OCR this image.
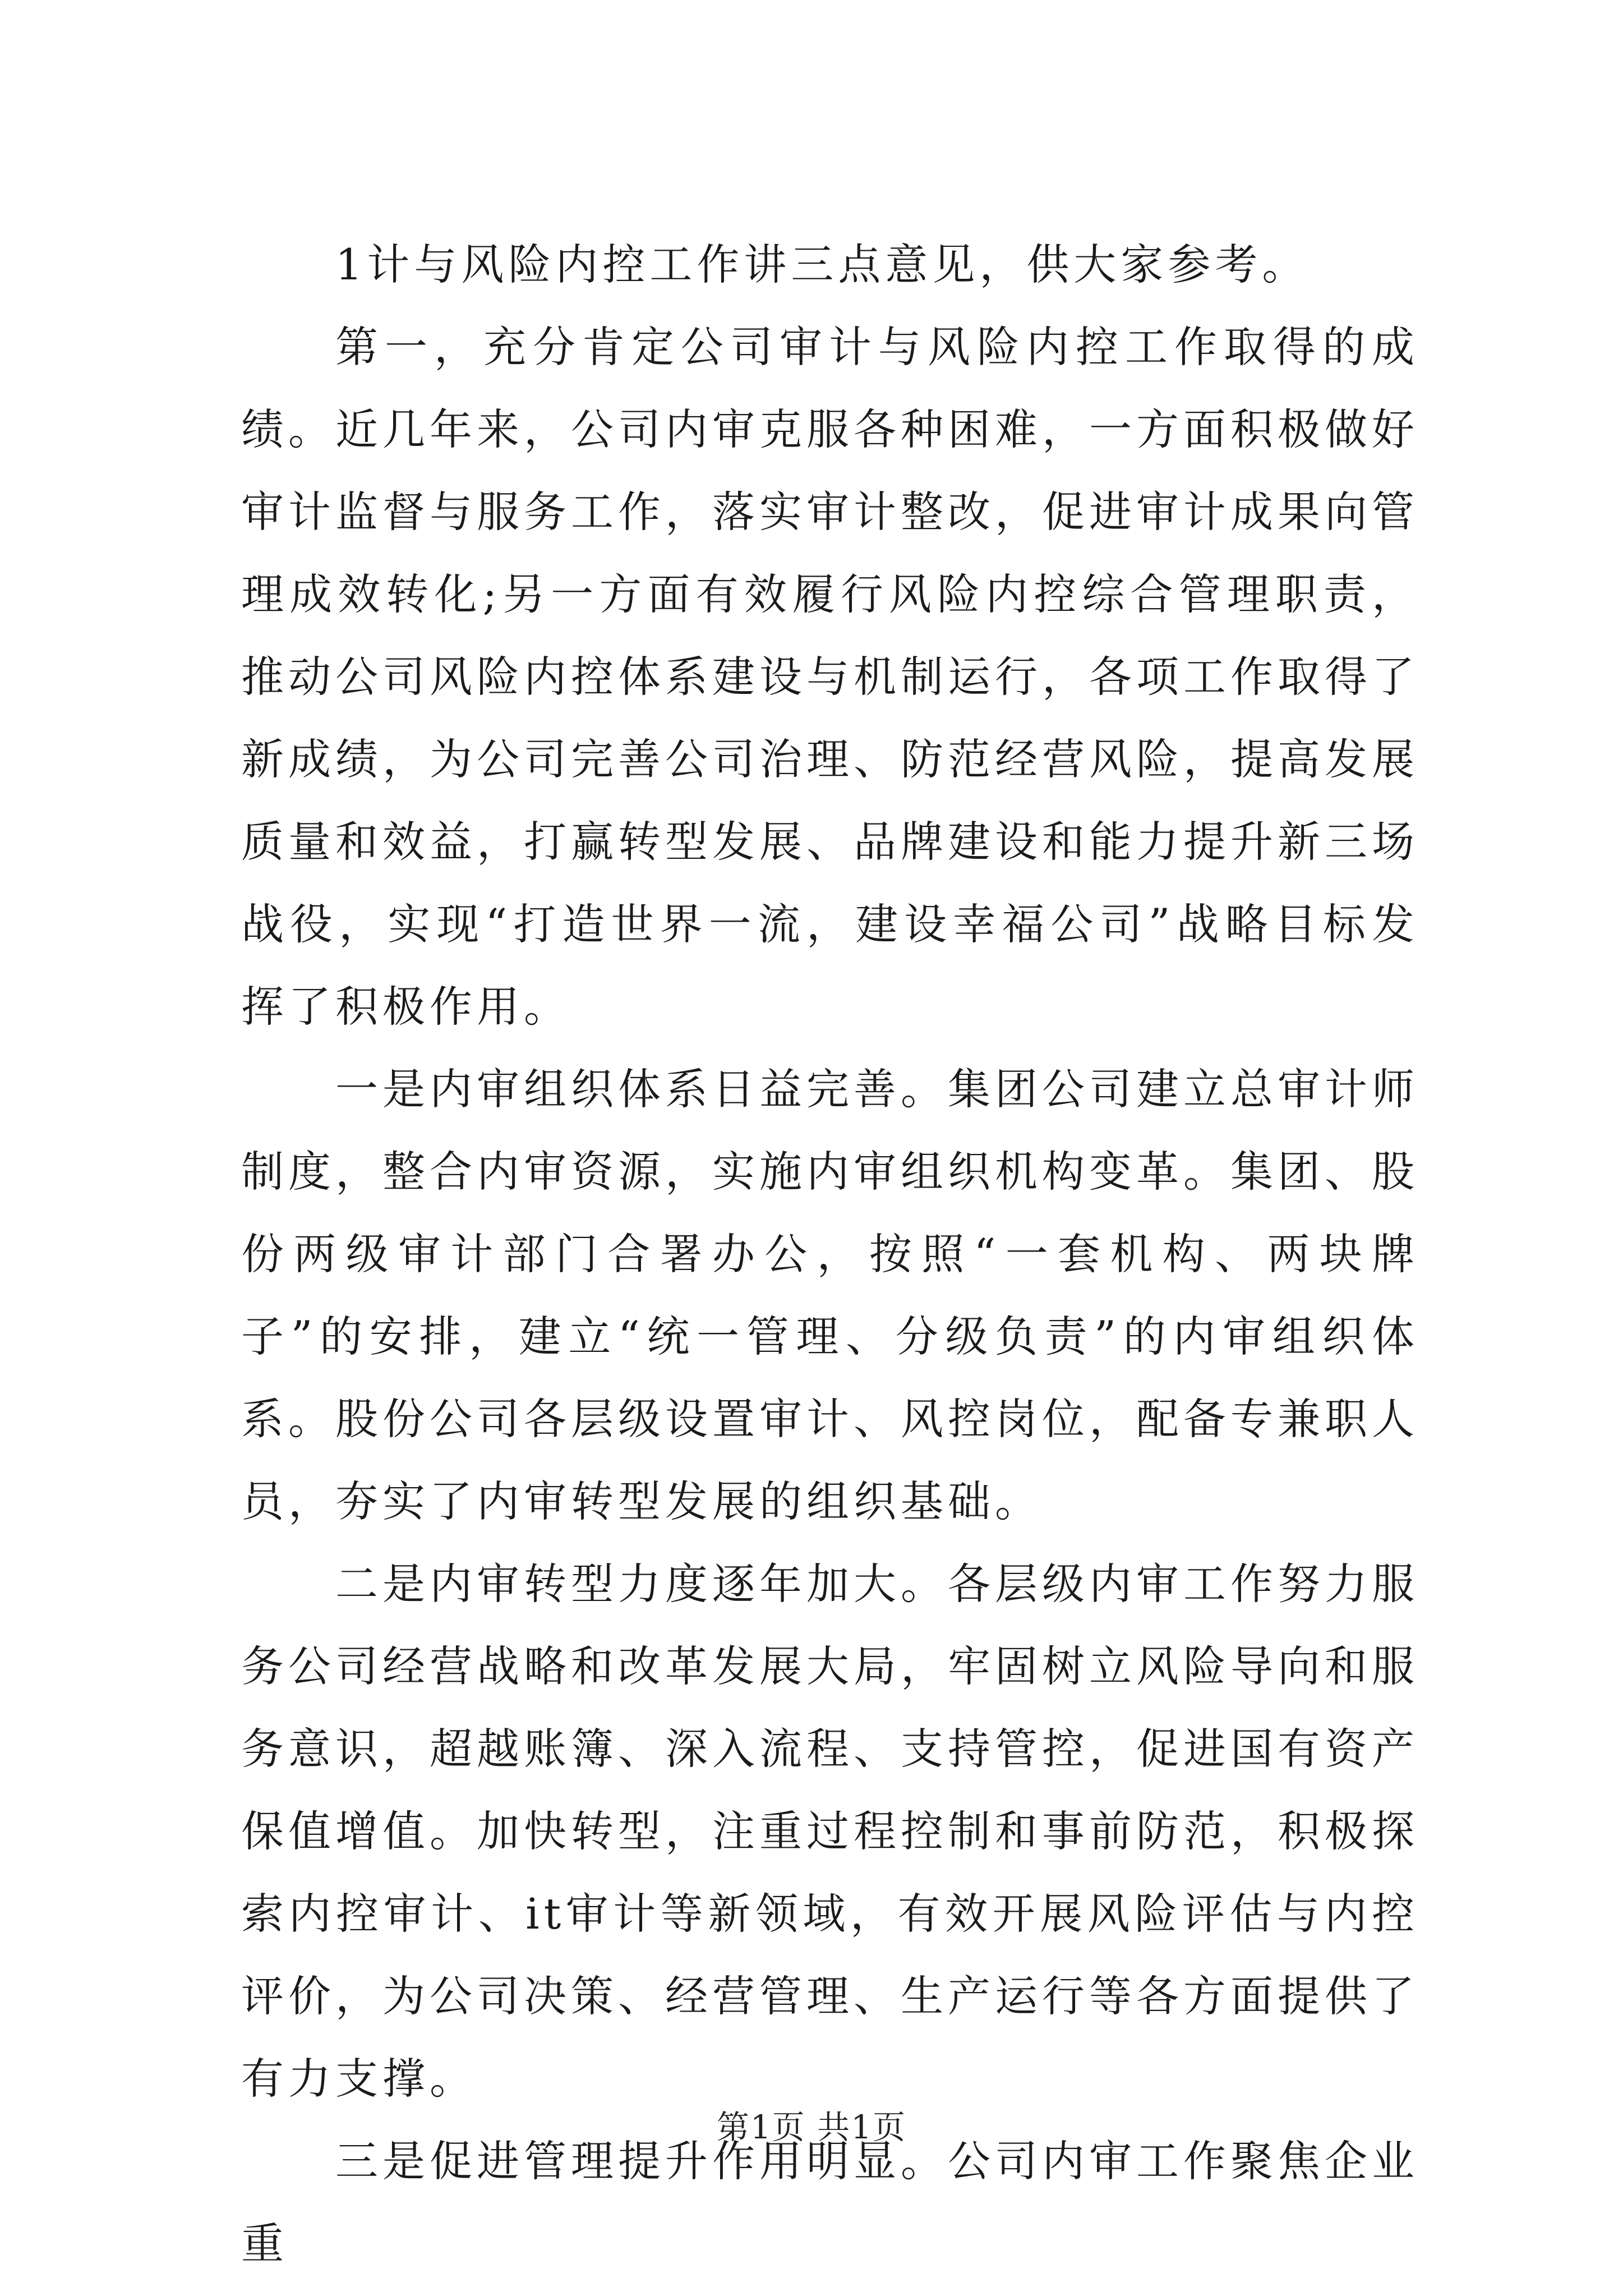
1计与风险内控工作讲三点意见，供大家参考。

第一，充分肯定公司审计与风险内控工作取得的成绩。近几年来，公司内审克服各种困难，一方面积极做好审计监督与服务工作，落实审计整改，促进审计成果向管理成效转化;另一方面有效履行风险内控综合管理职责，推动公司风险内控体系建设与机制运行，各项工作取得了新成绩，为公司完善公司治理、防范经营风险，提高发展质量和效益，打赢转型发展、品牌建设和能力提升新三场战役，实现“打造世界一流，建设幸福公司”战略目标发挥了积极作用。

一是内审组织体系日益完善。集团公司建立总审计师制度，整合内审资源，实施内审组织机构变革。集团、股份两级审计部门合署办公，按照“一套机构、两块牌子”的安排，建立“统一管理、分级负责”的内审组织体系。股份公司各层级设置审计、风控岗位，配备专兼职人员，夯实了内审转型发展的组织基础。

二是内审转型力度逐年加大。各层级内审工作努力服务公司经营战略和改革发展大局，牢固树立风险导向和服务意识，超越账簿、深入流程、支持管控，促进国有资产保值增值。加快转型，注重过程控制和事前防范，积极探索内控审计、it审计等新领域，有效开展风险评估与内控评价，为公司决策、经营管理、生产运行等各方面提供了有力支撑。

三是促进管理提升作用明显。公司内审工作聚焦企业重

第1页 共1页
